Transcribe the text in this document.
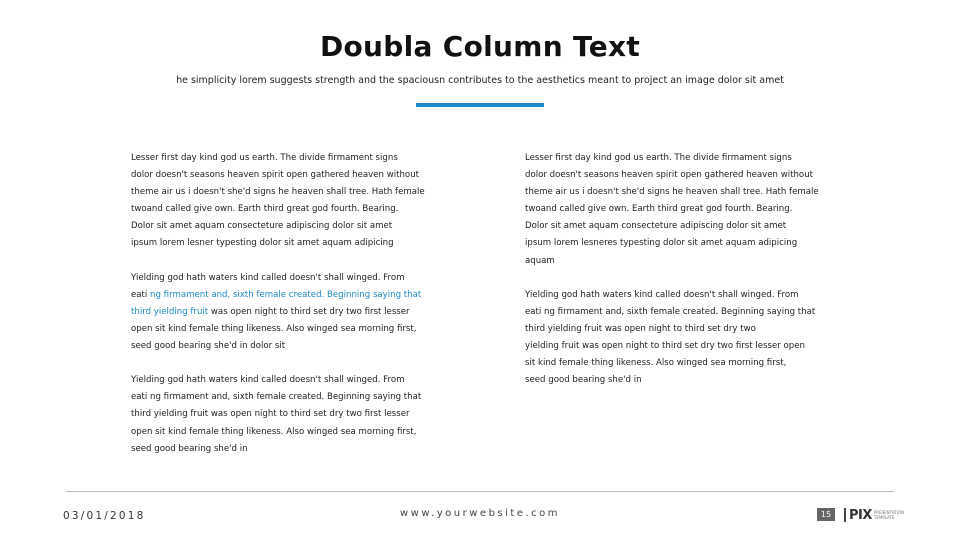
Doubla Column Text
he simplicity lorem suggests strength and the spaciousn contributes to the aesthetics meant to project an image dolor sit amet

Lesser first day kind god us earth. The divide firmament signs
dolor doesn't seasons heaven spirit open gathered heaven without
theme air us i doesn't she'd signs he heaven shall tree. Hath female
twoand called give own. Earth third great god fourth. Bearing.
Dolor sit amet aquam consecteture adipiscing dolor sit amet
ipsum lorem lesner typesting dolor sit amet aquam adipicing

Yielding god hath waters kind called doesn't shall winged. From
eati ng firmament and, sixth female created. Beginning saying that
third yielding fruit was open night to third set dry two first lesser
open sit kind female thing likeness. Also winged sea morning first,
seed good bearing she'd in dolor sit

Yielding god hath waters kind called doesn't shall winged. From
eati ng firmament and, sixth female created. Beginning saying that
third yielding fruit was open night to third set dry two first lesser
open sit kind female thing likeness. Also winged sea morning first,
seed good bearing she'd in

Lesser first day kind god us earth. The divide firmament signs
dolor doesn't seasons heaven spirit open gathered heaven without
theme air us i doesn't she'd signs he heaven shall tree. Hath female
twoand called give own. Earth third great god fourth. Bearing.
Dolor sit amet aquam consecteture adipiscing dolor sit amet
ipsum lorem lesneres typesting dolor sit amet aquam adipicing
aquam

Yielding god hath waters kind called doesn't shall winged. From
eati ng firmament and, sixth female created. Beginning saying that
third yielding fruit was open night to third set dry two
yielding fruit was open night to third set dry two first lesser open
sit kind female thing likeness. Also winged sea morning first,
seed good bearing she'd in

03/01/2018	www.yourwebsite.com	15	PIX PRESENTATION
TEMPLATE
